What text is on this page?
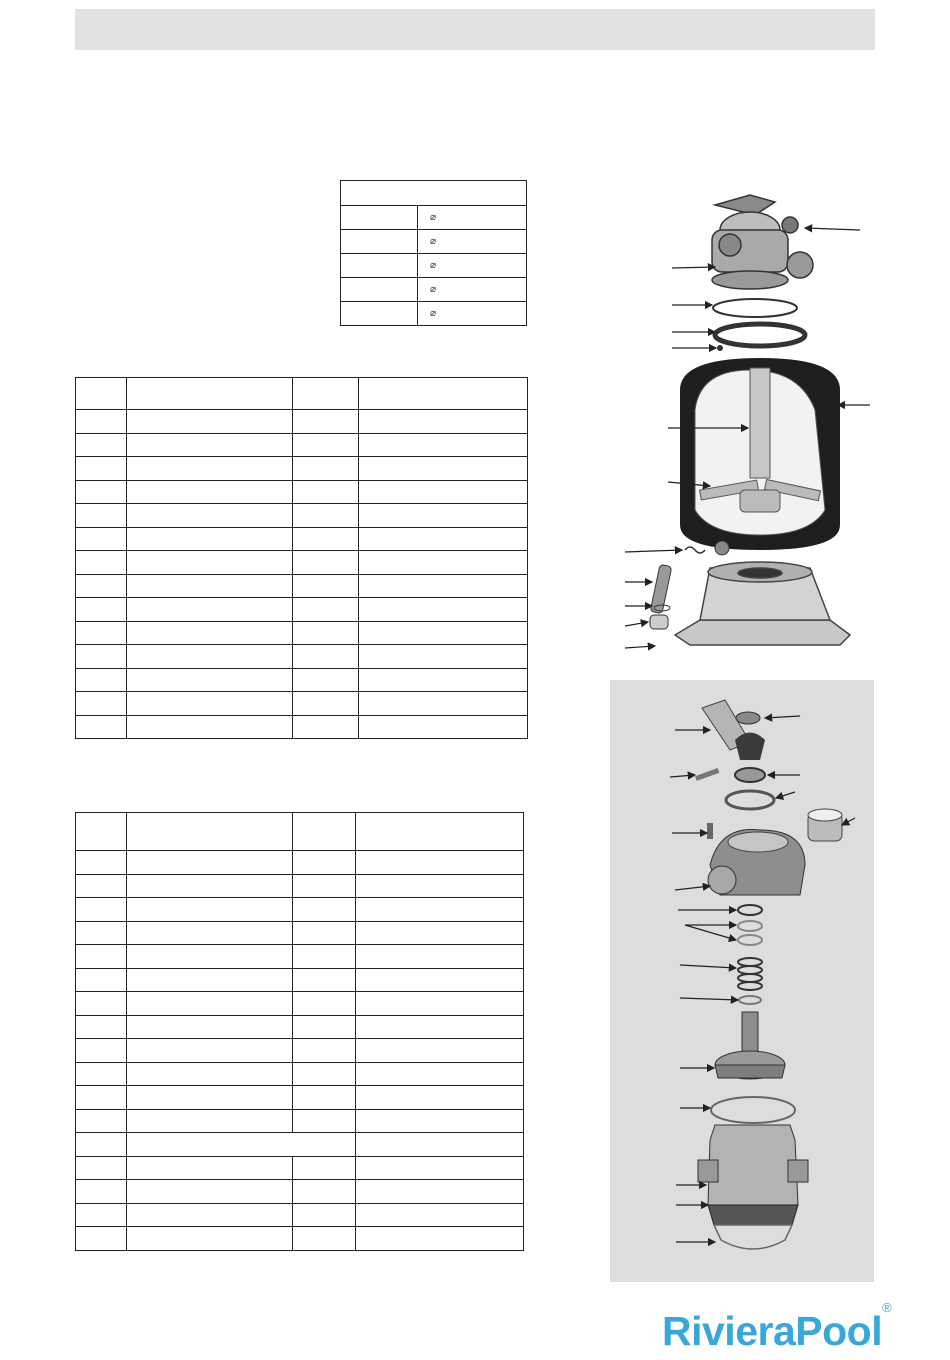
	⌀
	⌀
	⌀
	⌀
	⌀

RivieraPool®
